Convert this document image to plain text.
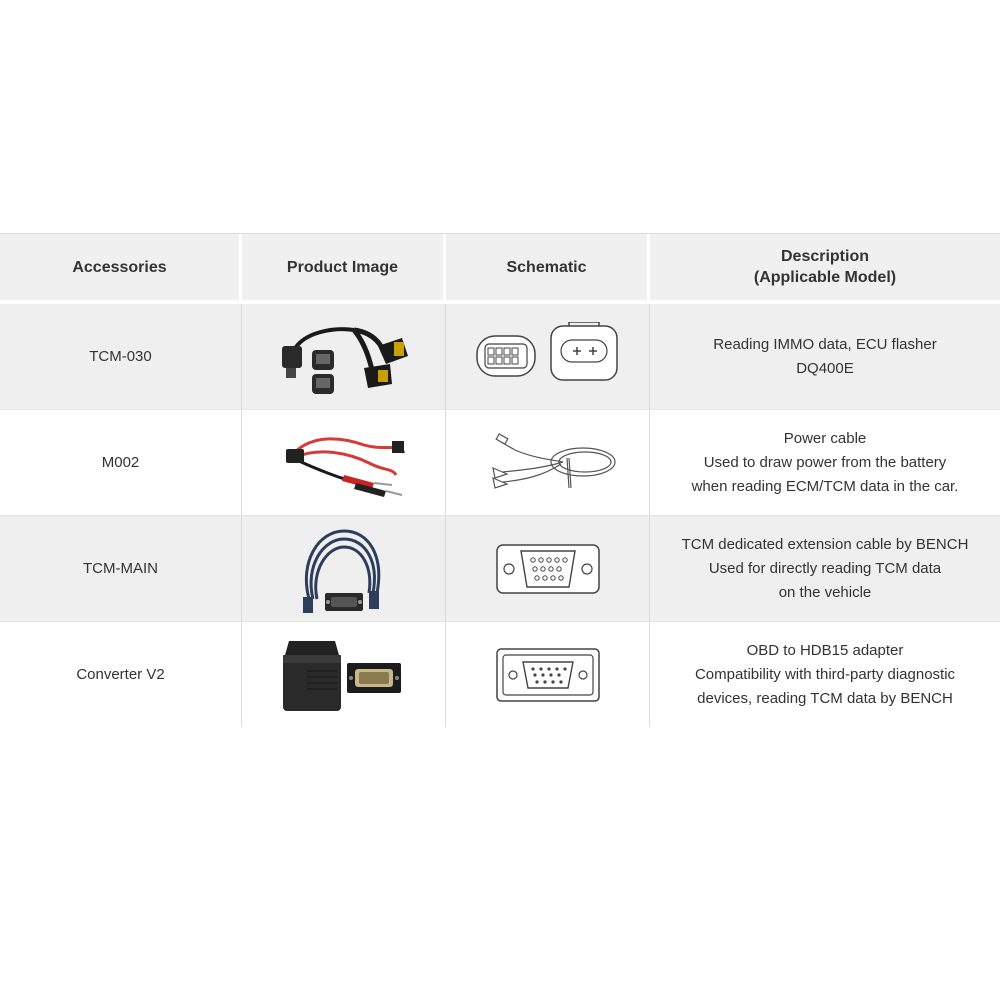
Accessories	Product Image	Schematic
Description
(Applicable Model)
TCM-030
Reading IMMO data, ECU flasher
DQ400E
M002
Power cable
Used to draw power from the battery
when reading ECM/TCM data in the car.
TCM-MAIN
TCM dedicated extension cable by BENCH
Used for directly reading TCM data
on the vehicle
Converter V2
OBD to HDB15 adapter
Compatibility with third-party diagnostic
devices, reading TCM data by BENCH
